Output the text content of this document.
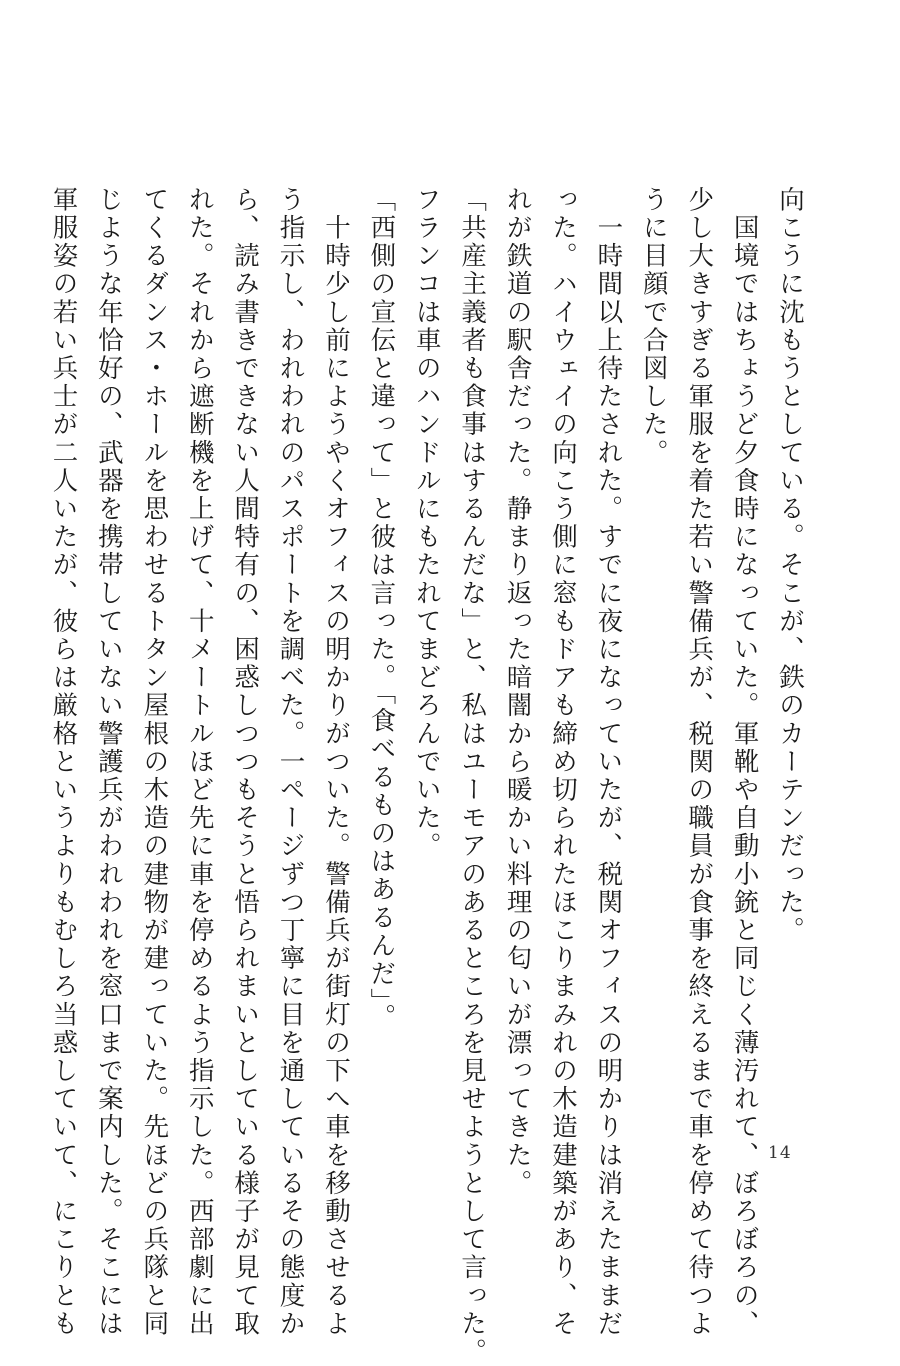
向こうに沈もうとしている。そこが、鉄のカーテンだった。
　国境ではちょうど夕食時になっていた。軍靴や自動小銃と同じく薄汚れて、ぼろぼろの、
少し大きすぎる軍服を着た若い警備兵が、税関の職員が食事を終えるまで車を停めて待つよ
うに目顔で合図した。
　一時間以上待たされた。すでに夜になっていたが、税関オフィスの明かりは消えたままだ
った。ハイウェイの向こう側に窓もドアも締め切られたほこりまみれの木造建築があり、そ
れが鉄道の駅舎だった。静まり返った暗闇から暖かい料理の匂いが漂ってきた。
「共産主義者も食事はするんだな」と、私はユーモアのあるところを見せようとして言った。
フランコは車のハンドルにもたれてまどろんでいた。
「西側の宣伝と違って」と彼は言った。「食べるものはあるんだ」。
　十時少し前にようやくオフィスの明かりがついた。警備兵が街灯の下へ車を移動させるよ
う指示し、われわれのパスポートを調べた。一ページずつ丁寧に目を通しているその態度か
ら、読み書きできない人間特有の、困惑しつつもそうと悟られまいとしている様子が見て取
れた。それから遮断機を上げて、十メートルほど先に車を停めるよう指示した。西部劇に出
てくるダンス・ホールを思わせるトタン屋根の木造の建物が建っていた。先ほどの兵隊と同
じような年恰好の、武器を携帯していない警護兵がわれわれを窓口まで案内した。そこには
軍服姿の若い兵士が二人いたが、彼らは厳格というよりもむしろ当惑していて、にこりとも	14
